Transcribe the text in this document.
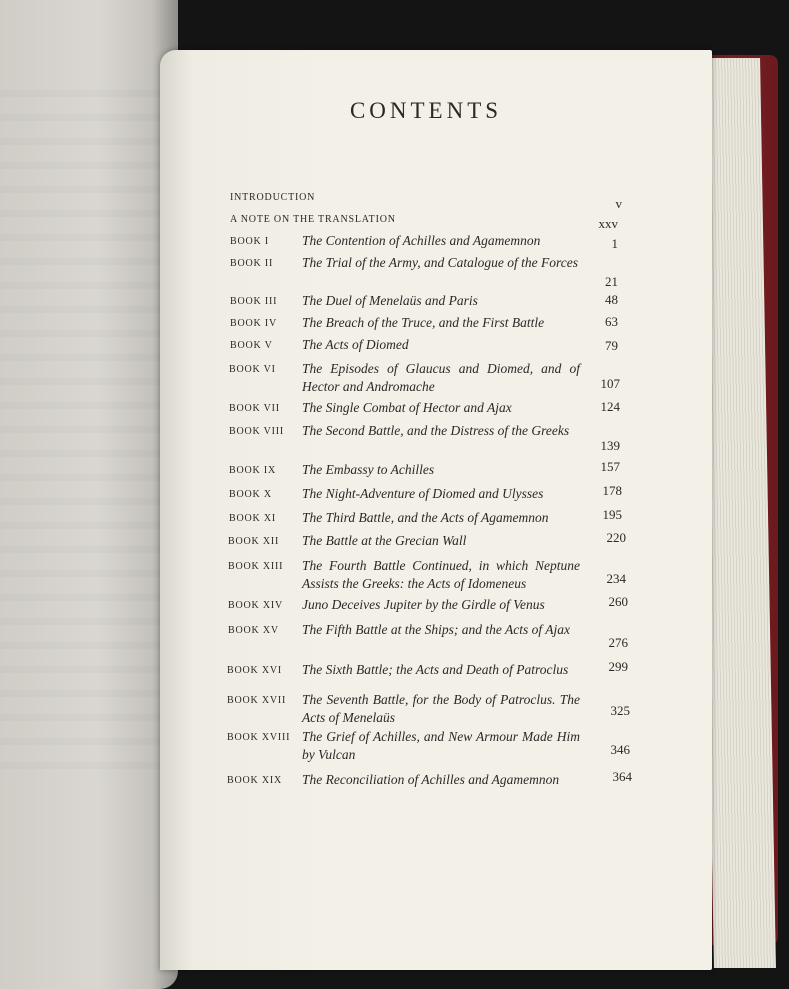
CONTENTS
INTRODUCTION	v
A NOTE ON THE TRANSLATION	xxv
BOOK I The Contention of Achilles and Agamemnon	1
BOOK II The Trial of the Army, and Catalogue of the Forces
21
BOOK III The Duel of Menelaüs and Paris	48
BOOK IV The Breach of the Truce, and the First Battle	63
BOOK V The Acts of Diomed	79
BOOK VI The Episodes of Glaucus and Diomed, and of Hector and Andromache	107
BOOK VII The Single Combat of Hector and Ajax	124
BOOK VIII The Second Battle, and the Distress of the Greeks
139
BOOK IX The Embassy to Achilles	157
BOOK X The Night-Adventure of Diomed and Ulysses	178
BOOK XI The Third Battle, and the Acts of Agamemnon	195
BOOK XII The Battle at the Grecian Wall	220
BOOK XIII The Fourth Battle Continued, in which Neptune Assists the Greeks: the Acts of Idomeneus	234
BOOK XIV Juno Deceives Jupiter by the Girdle of Venus	260
BOOK XV The Fifth Battle at the Ships; and the Acts of Ajax
276
BOOK XVI The Sixth Battle; the Acts and Death of Patroclus	299
BOOK XVII The Seventh Battle, for the Body of Patroclus. The Acts of Menelaüs	325
BOOK XVIII The Grief of Achilles, and New Armour Made Him by Vulcan	346
BOOK XIX The Reconciliation of Achilles and Agamemnon	364
